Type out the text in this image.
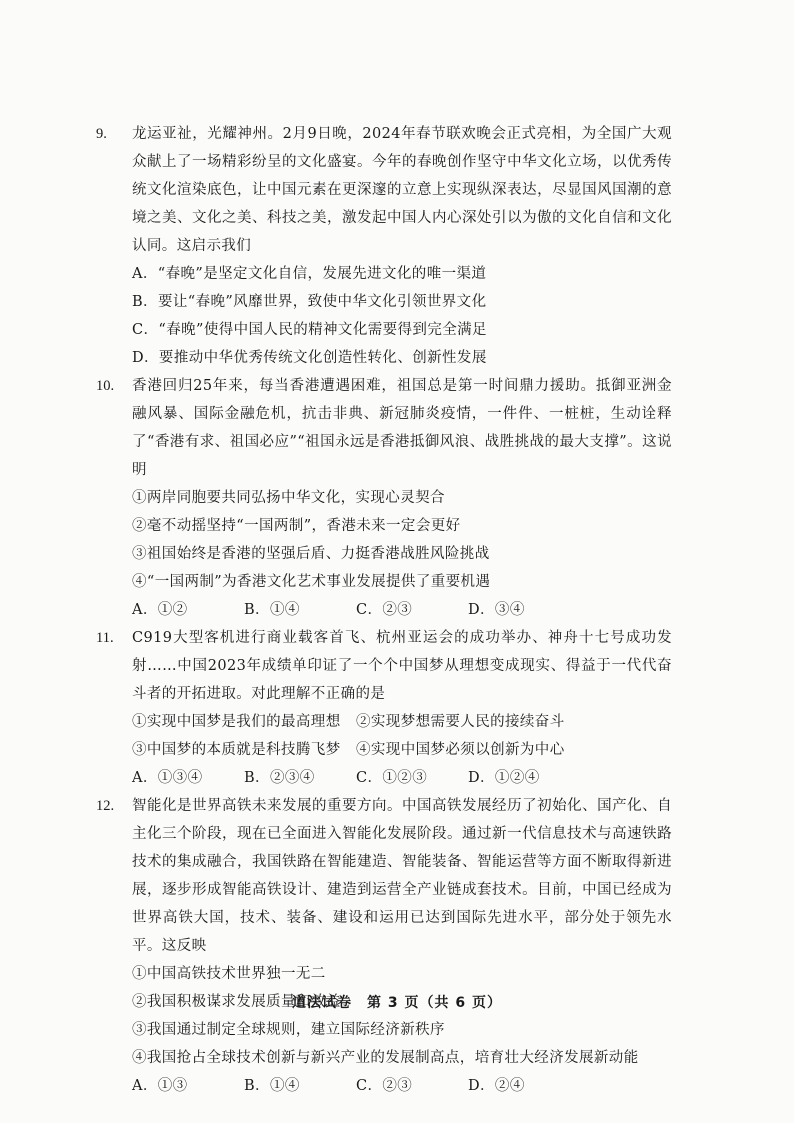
9.	龙运亚祉，光耀神州。2月9日晚，2024年春节联欢晚会正式亮相，为全国广大观众献上了一场精彩纷呈的文化盛宴。今年的春晚创作坚守中华文化立场，以优秀传统文化渲染底色，让中国元素在更深邃的立意上实现纵深表达，尽显国风国潮的意境之美、文化之美、科技之美，激发起中国人内心深处引以为傲的文化自信和文化认同。这启示我们

A．“春晚”是坚定文化自信，发展先进文化的唯一渠道

B．要让“春晚”风靡世界，致使中华文化引领世界文化

C．“春晚”使得中国人民的精神文化需要得到完全满足

D．要推动中华优秀传统文化创造性转化、创新性发展

10.	香港回归25年来，每当香港遭遇困难，祖国总是第一时间鼎力援助。抵御亚洲金融风暴、国际金融危机，抗击非典、新冠肺炎疫情，一件件、一桩桩，生动诠释了“香港有求、祖国必应”“祖国永远是香港抵御风浪、战胜挑战的最大支撑”。这说明

①两岸同胞要共同弘扬中华文化，实现心灵契合

②毫不动摇坚持“一国两制”，香港未来一定会更好

③祖国始终是香港的坚强后盾、力挺香港战胜风险挑战

④“一国两制”为香港文化艺术事业发展提供了重要机遇

A．①②	B．①④	C．②③	D．③④
11.	C919大型客机进行商业载客首飞、杭州亚运会的成功举办、神舟十七号成功发射……中国2023年成绩单印证了一个个中国梦从理想变成现实、得益于一代代奋斗者的开拓进取。对此理解不正确的是

①实现中国梦是我们的最高理想	②实现梦想需要人民的接续奋斗
③中国梦的本质就是科技腾飞梦	④实现中国梦必须以创新为中心
A．①③④	B．②③④	C．①②③	D．①②④
12.	智能化是世界高铁未来发展的重要方向。中国高铁发展经历了初始化、国产化、自主化三个阶段，现在已全面进入智能化发展阶段。通过新一代信息技术与高速铁路技术的集成融合，我国铁路在智能建造、智能装备、智能运营等方面不断取得新进展，逐步形成智能高铁设计、建造到运营全产业链成套技术。目前，中国已经成为世界高铁大国，技术、装备、建设和运用已达到国际先进水平，部分处于领先水平。这反映

①中国高铁技术世界独一无二

②我国积极谋求发展质量和效益

③我国通过制定全球规则，建立国际经济新秩序

④我国抢占全球技术创新与新兴产业的发展制高点，培育壮大经济发展新动能

A．①③	B．①④	C．②③	D．②④
道法试卷　第 3 页（共 6 页）
